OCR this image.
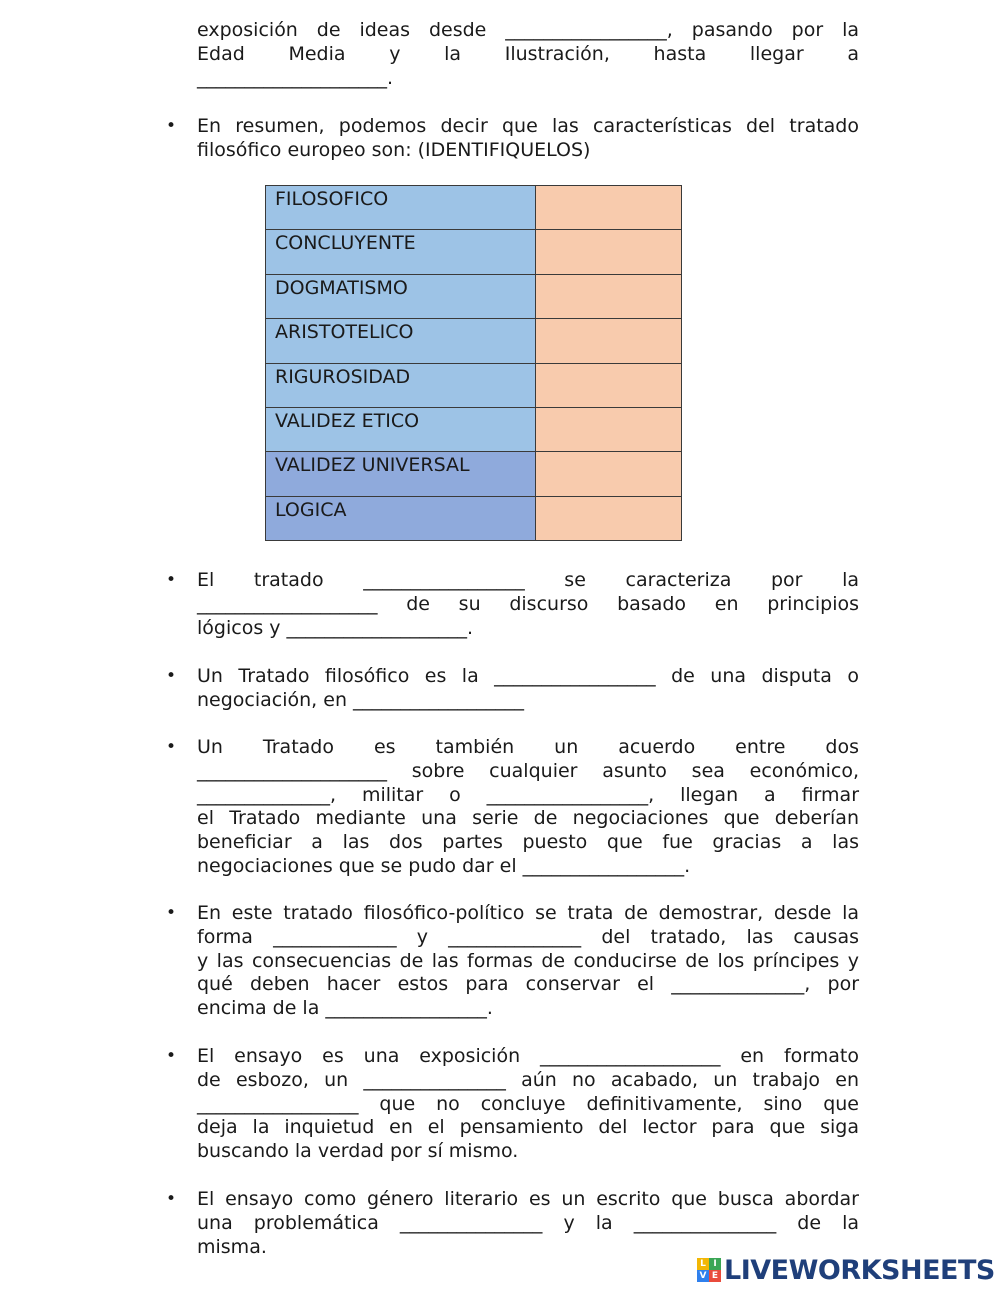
exposición de ideas desde _________________, pasando por la
Edad Media y la Ilustración, hasta llegar a
____________________.
• En resumen, podemos decir que las características del tratado
filosófico europeo son: (IDENTIFIQUELOS)
FILOSOFICO	
CONCLUYENTE	
DOGMATISMO	
ARISTOTELICO	
RIGUROSIDAD	
VALIDEZ ETICO	
VALIDEZ UNIVERSAL	
LOGICA	
• El tratado _________________ se caracteriza por la
___________________ de su discurso basado en principios
lógicos y ___________________.
• Un Tratado filosófico es la _________________ de una disputa o
negociación, en __________________
• Un Tratado es también un acuerdo entre dos
____________________ sobre cualquier asunto sea económico,
______________, militar o _________________, llegan a firmar
el Tratado mediante una serie de negociaciones que deberían
beneficiar a las dos partes puesto que fue gracias a las
negociaciones que se pudo dar el _________________.
• En este tratado filosófico-político se trata de demostrar, desde la
forma _____________ y ______________ del tratado, las causas
y las consecuencias de las formas de conducirse de los príncipes y
qué deben hacer estos para conservar el ______________, por
encima de la _________________.
• El ensayo es una exposición ___________________ en formato
de esbozo, un _______________ aún no acabado, un trabajo en
_________________ que no concluye definitivamente, sino que
deja la inquietud en el pensamiento del lector para que siga
buscando la verdad por sí mismo.
• El ensayo como género literario es un escrito que busca abordar
una problemática _______________ y la _______________ de la
misma.
L I
V E LIVEWORKSHEETS
